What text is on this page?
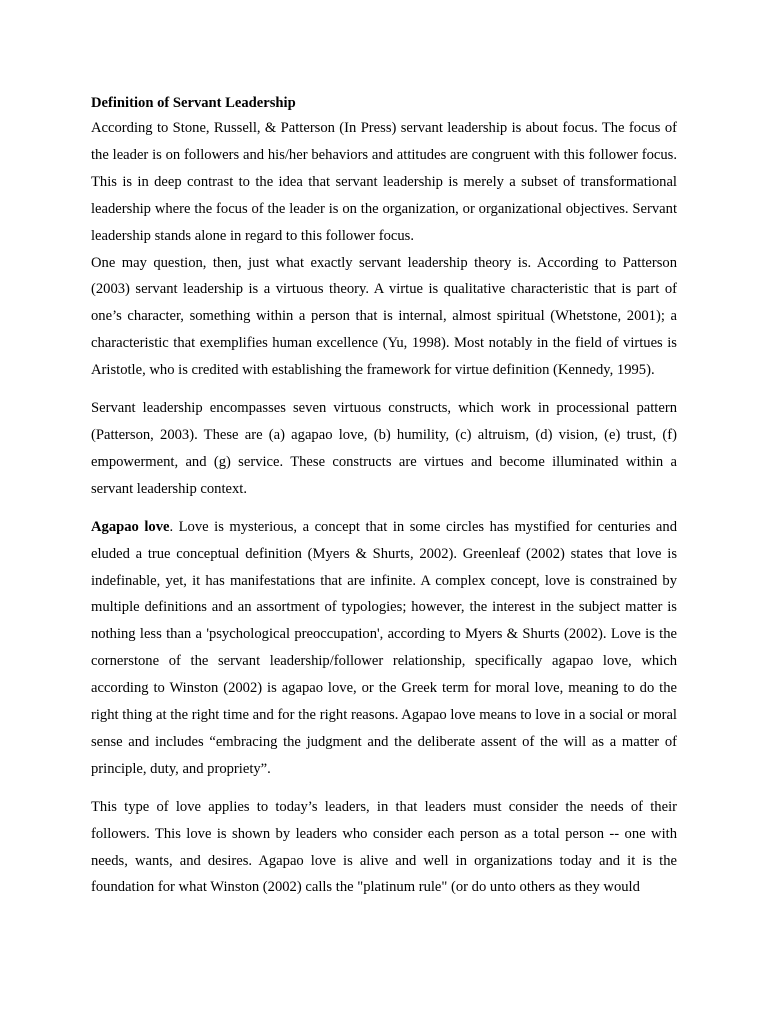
Definition of Servant Leadership

According to Stone, Russell, & Patterson (In Press) servant leadership is about focus. The focus of the leader is on followers and his/her behaviors and attitudes are congruent with this follower focus. This is in deep contrast to the idea that servant leadership is merely a subset of transformational leadership where the focus of the leader is on the organization, or organizational objectives. Servant leadership stands alone in regard to this follower focus.

One may question, then, just what exactly servant leadership theory is. According to Patterson (2003) servant leadership is a virtuous theory. A virtue is qualitative characteristic that is part of one’s character, something within a person that is internal, almost spiritual (Whetstone, 2001); a characteristic that exemplifies human excellence (Yu, 1998). Most notably in the field of virtues is Aristotle, who is credited with establishing the framework for virtue definition (Kennedy, 1995).

Servant leadership encompasses seven virtuous constructs, which work in processional pattern (Patterson, 2003). These are (a) agapao love, (b) humility, (c) altruism, (d) vision, (e) trust, (f) empowerment, and (g) service. These constructs are virtues and become illuminated within a servant leadership context.

Agapao love. Love is mysterious, a concept that in some circles has mystified for centuries and eluded a true conceptual definition (Myers & Shurts, 2002). Greenleaf (2002) states that love is indefinable, yet, it has manifestations that are infinite. A complex concept, love is constrained by multiple definitions and an assortment of typologies; however, the interest in the subject matter is nothing less than a 'psychological preoccupation', according to Myers & Shurts (2002). Love is the cornerstone of the servant leadership/follower relationship, specifically agapao love, which according to Winston (2002) is agapao love, or the Greek term for moral love, meaning to do the right thing at the right time and for the right reasons. Agapao love means to love in a social or moral sense and includes “embracing the judgment and the deliberate assent of the will as a matter of principle, duty, and propriety”.

This type of love applies to today’s leaders, in that leaders must consider the needs of their followers. This love is shown by leaders who consider each person as a total person -- one with needs, wants, and desires. Agapao love is alive and well in organizations today and it is the foundation for what Winston (2002) calls the "platinum rule" (or do unto others as they would
